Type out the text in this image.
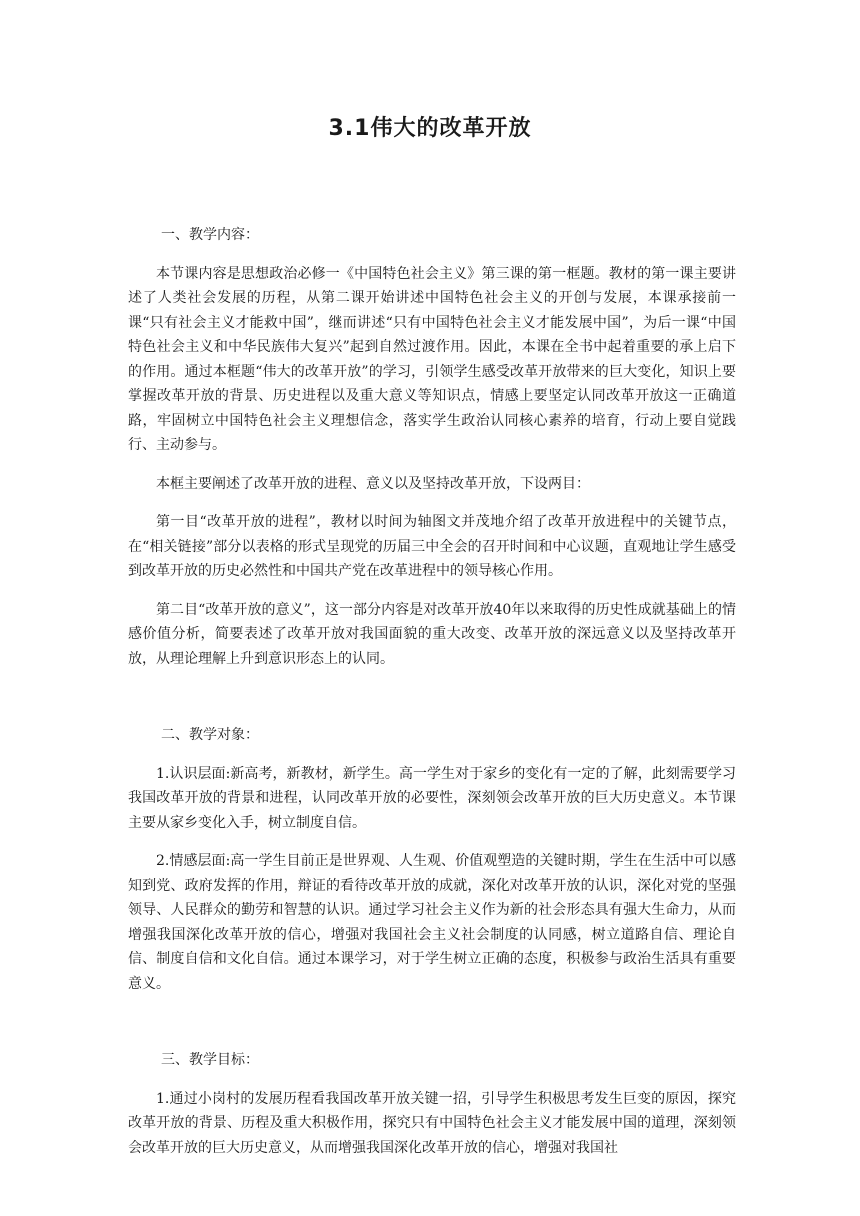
3.1伟大的改革开放

一、教学内容：

本节课内容是思想政治必修一《中国特色社会主义》第三课的第一框题。教材的第一课主要讲述了人类社会发展的历程，从第二课开始讲述中国特色社会主义的开创与发展，本课承接前一课“只有社会主义才能救中国”，继而讲述“只有中国特色社会主义才能发展中国”，为后一课“中国特色社会主义和中华民族伟大复兴”起到自然过渡作用。因此，本课在全书中起着重要的承上启下的作用。通过本框题“伟大的改革开放”的学习，引领学生感受改革开放带来的巨大变化，知识上要掌握改革开放的背景、历史进程以及重大意义等知识点，情感上要坚定认同改革开放这一正确道路，牢固树立中国特色社会主义理想信念，落实学生政治认同核心素养的培育，行动上要自觉践行、主动参与。

本框主要阐述了改革开放的进程、意义以及坚持改革开放，下设两目：

第一目“改革开放的进程”，教材以时间为轴图文并茂地介绍了改革开放进程中的关键节点，在“相关链接”部分以表格的形式呈现党的历届三中全会的召开时间和中心议题，直观地让学生感受到改革开放的历史必然性和中国共产党在改革进程中的领导核心作用。

第二目“改革开放的意义”，这一部分内容是对改革开放40年以来取得的历史性成就基础上的情感价值分析，简要表述了改革开放对我国面貌的重大改变、改革开放的深远意义以及坚持改革开放，从理论理解上升到意识形态上的认同。

二、教学对象：

1.认识层面:新高考，新教材，新学生。高一学生对于家乡的变化有一定的了解，此刻需要学习我国改革开放的背景和进程，认同改革开放的必要性，深刻领会改革开放的巨大历史意义。本节课主要从家乡变化入手，树立制度自信。

2.情感层面:高一学生目前正是世界观、人生观、价值观塑造的关键时期，学生在生活中可以感知到党、政府发挥的作用，辩证的看待改革开放的成就，深化对改革开放的认识，深化对党的坚强领导、人民群众的勤劳和智慧的认识。通过学习社会主义作为新的社会形态具有强大生命力，从而增强我国深化改革开放的信心，增强对我国社会主义社会制度的认同感，树立道路自信、理论自信、制度自信和文化自信。通过本课学习，对于学生树立正确的态度，积极参与政治生活具有重要意义。

三、教学目标：

1.通过小岗村的发展历程看我国改革开放关键一招，引导学生积极思考发生巨变的原因，探究改革开放的背景、历程及重大积极作用，探究只有中国特色社会主义才能发展中国的道理，深刻领会改革开放的巨大历史意义，从而增强我国深化改革开放的信心，增强对我国社
